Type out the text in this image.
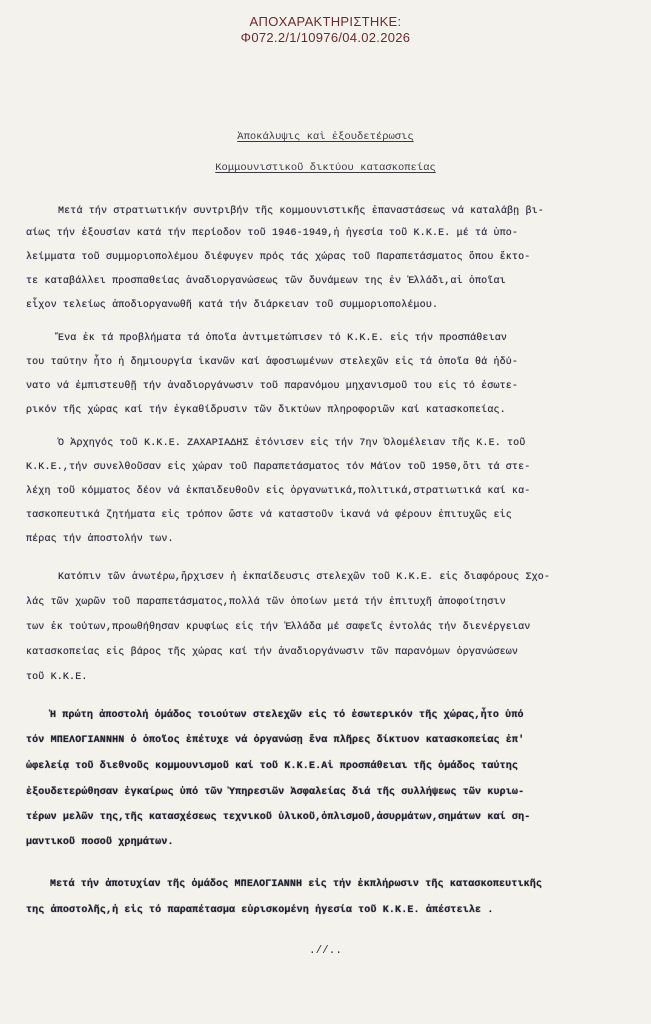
ΑΠΟΧΑΡΑΚΤΗΡΙΣΤΗΚΕ:
Φ072.2/1/10976/04.02.2026
Ἀποκάλυψις καὶ ἐξουδετέρωσις
Κομμουνιστικοῦ δικτύου κατασκοπείας
Μετά τήν στρατιωτικήν συντριβήν τῆς κομμουνιστικῆς ἐπαναστάσεως νά καταλάβῃ βι-
αίως τήν ἐξουσίαν κατά τήν περίοδον τοῦ 1946-1949,ἡ ἡγεσία τοῦ Κ.Κ.Ε. μέ τά ὑπο-
λείμματα τοῦ συμμοριοπολέμου διέφυγεν πρός τάς χώρας τοῦ Παραπετάσματος ὅπου ἔκτο-
τε καταβάλλει προσπαθείας ἀναδιοργανώσεως τῶν δυνάμεων της ἐν Ἑλλάδι,αἱ ὁποῖαι
εἶχον τελείως ἀποδιοργανωθῆ κατά τήν διάρκειαν τοῦ συμμοριοπολέμου.
Ἕνα ἐκ τά προβλήματα τά ὁποῖα ἀντιμετώπισεν τό Κ.Κ.Ε. εἰς τήν προσπάθειαν
του ταύτην ἦτο ἡ δημιουργία ἱκανῶν καί ἀφοσιωμένων στελεχῶν εἰς τά ὁποῖα θά ἠδύ-
νατο νά ἐμπιστευθῇ τήν ἀναδιοργάνωσιν τοῦ παρανόμου μηχανισμοῦ του εἰς τό ἐσωτε-
ρικόν τῆς χώρας καί τήν ἐγκαθίδρυσιν τῶν δικτύων πληροφοριῶν καί κατασκοπείας.
Ὁ Ἀρχηγός τοῦ Κ.Κ.Ε. ΖΑΧΑΡΙΑΔΗΣ ἐτόνισεν εἰς τήν 7ην Ὁλομέλειαν τῆς Κ.Ε. τοῦ
Κ.Κ.Ε.,τήν συνελθοῦσαν εἰς χώραν τοῦ Παραπετάσματος τόν Μάϊον τοῦ 1950,ὅτι τά στε-
λέχη τοῦ κόμματος δέον νά ἐκπαιδευθοῦν εἰς ὀργανωτικά,πολιτικά,στρατιωτικά καί κα-
τασκοπευτικά ζητήματα εἰς τρόπον ὥστε νά καταστοῦν ἱκανά νά φέρουν ἐπιτυχῶς εἰς
πέρας τήν ἀποστολήν των.
Κατόπιν τῶν ἀνωτέρω,ἤρχισεν ἡ ἐκπαίδευσις στελεχῶν τοῦ Κ.Κ.Ε. εἰς διαφόρους Σχο-
λάς τῶν χωρῶν τοῦ παραπετάσματος,πολλά τῶν ὁποίων μετά τήν ἐπιτυχῆ ἀποφοίτησιν
των ἐκ τούτων,προωθήθησαν κρυφίως εἰς τήν Ἑλλάδα μέ σαφεῖς ἐντολάς τήν διενέργειαν
κατασκοπείας εἰς βάρος τῆς χώρας καί τήν ἀναδιοργάνωσιν τῶν παρανόμων ὀργανώσεων
τοῦ Κ.Κ.Ε.
Ἡ πρώτη ἀποστολή ὁμάδος τοιούτων στελεχῶν εἰς τό ἐσωτερικόν τῆς χώρας,ἦτο ὑπό
τόν ΜΠΕΛΟΓΙΑΝΝΗΝ ὁ ὁποῖος ἐπέτυχε νά ὀργανώσῃ ἕνα πλῆρες δίκτυον κατασκοπείας ἐπ'
ὠφελείᾳ τοῦ διεθνοῦς κομμουνισμοῦ καί τοῦ Κ.Κ.Ε.Αἱ προσπάθειαι τῆς ὁμάδος ταύτης
ἐξουδετερώθησαν ἐγκαίρως ὑπό τῶν Ὑπηρεσιῶν Ἀσφαλείας διά τῆς συλλήψεως τῶν κυριω-
τέρων μελῶν της,τῆς κατασχέσεως τεχνικοῦ ὑλικοῦ,ὀπλισμοῦ,ἀσυρμάτων,σημάτων καί ση-
μαντικοῦ ποσοῦ χρημάτων.
Μετά τήν ἀποτυχίαν τῆς ὁμάδος ΜΠΕΛΟΓΙΑΝΝΗ εἰς τήν ἐκπλήρωσιν τῆς κατασκοπευτικῆς
της ἀποστολῆς,ἡ εἰς τό παραπέτασμα εὑρισκομένη ἡγεσία τοῦ Κ.Κ.Ε. ἀπέστειλε .
.//..
